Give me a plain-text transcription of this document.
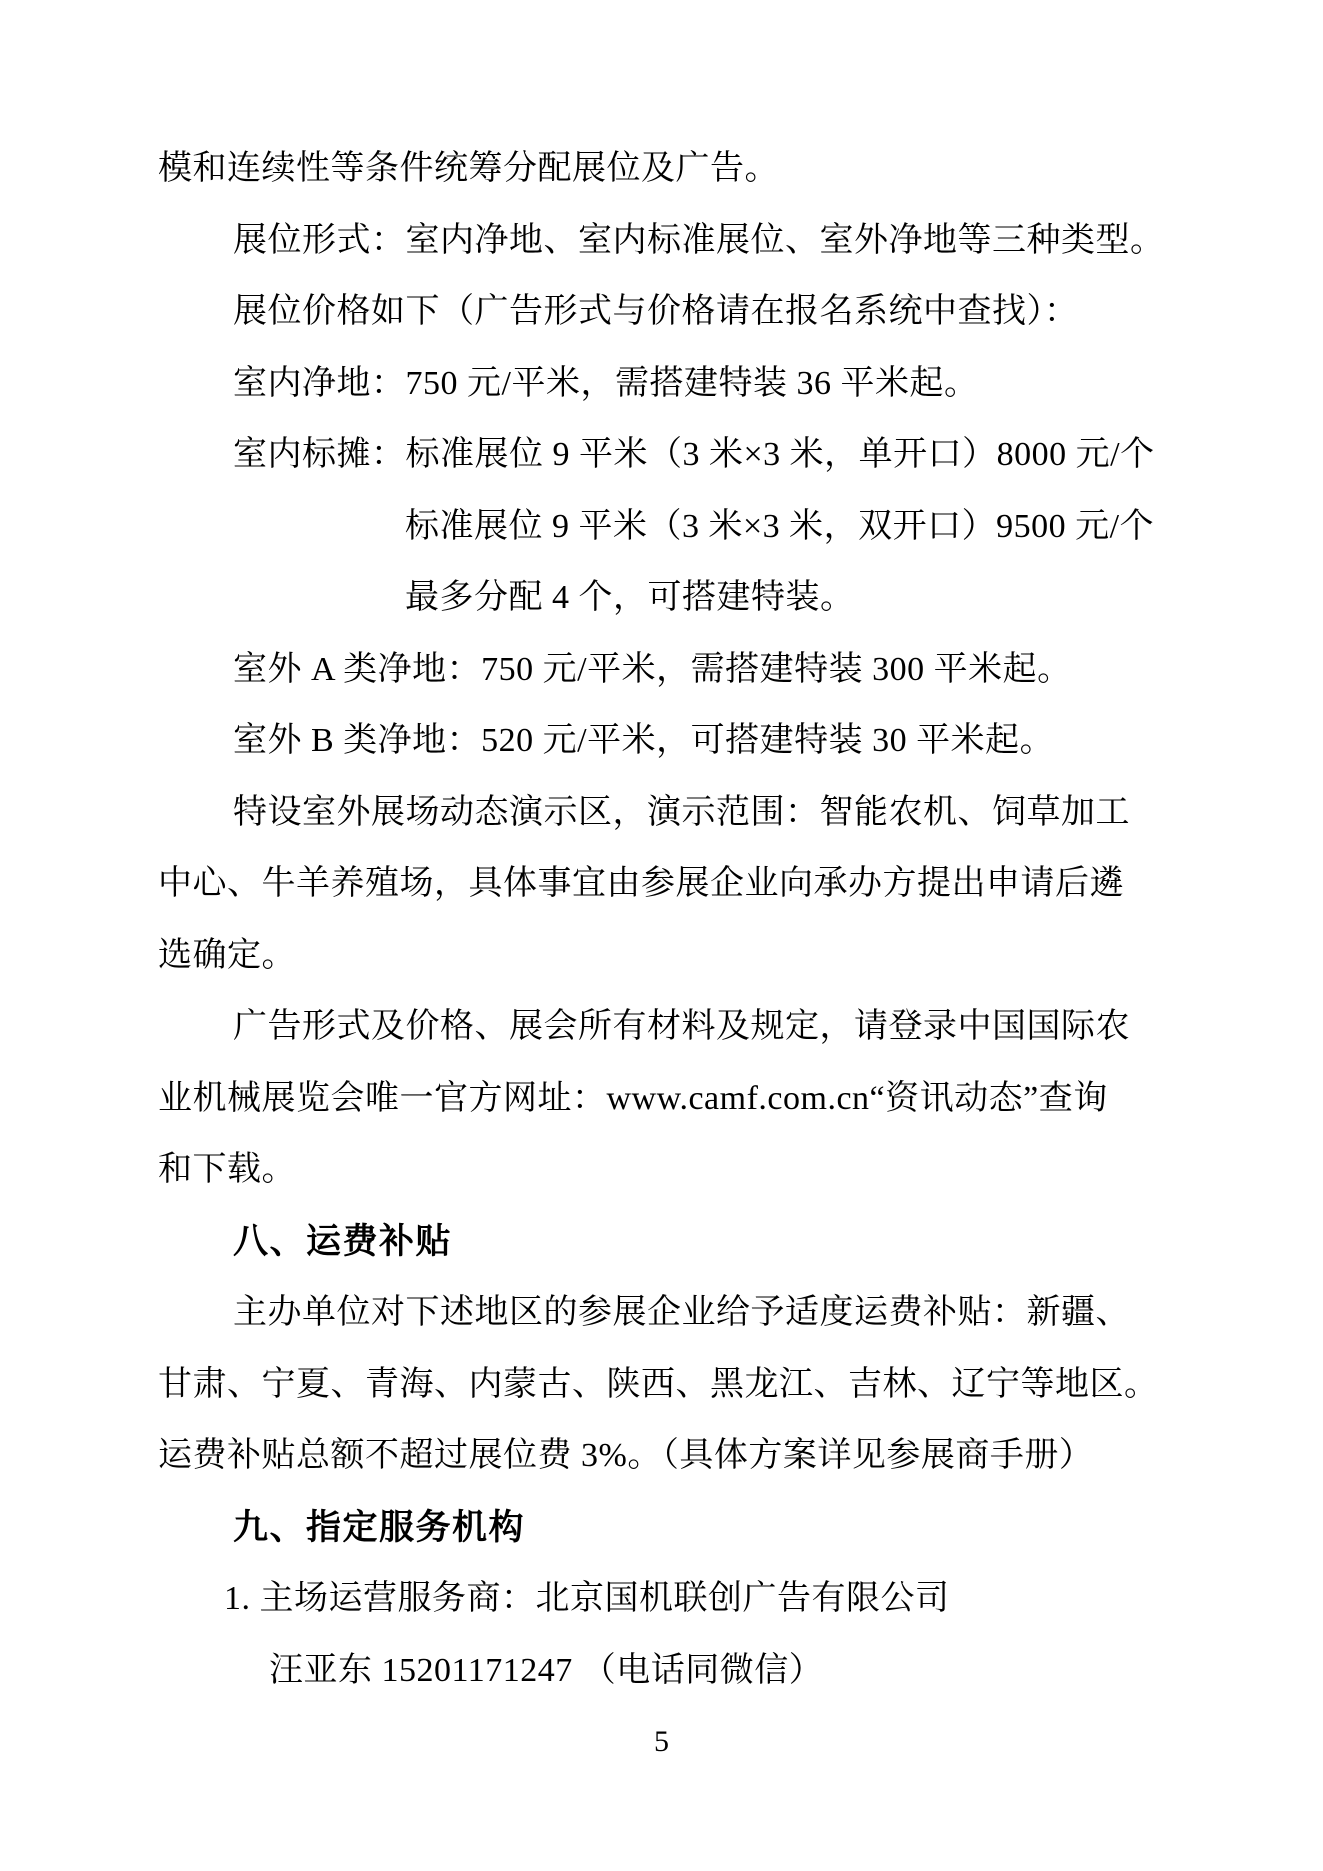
模和连续性等条件统筹分配展位及广告。
展位形式：室内净地、室内标准展位、室外净地等三种类型。
展位价格如下（广告形式与价格请在报名系统中查找）：
室内净地：750 元/平米，需搭建特装 36 平米起。
室内标摊：标准展位 9 平米（3 米×3 米，单开口）8000 元/个
标准展位 9 平米（3 米×3 米，双开口）9500 元/个
最多分配 4 个，可搭建特装。
室外 A 类净地：750 元/平米，需搭建特装 300 平米起。
室外 B 类净地：520 元/平米，可搭建特装 30 平米起。
特设室外展场动态演示区，演示范围：智能农机、饲草加工
中心、牛羊养殖场，具体事宜由参展企业向承办方提出申请后遴
选确定。
广告形式及价格、展会所有材料及规定，请登录中国国际农
业机械展览会唯一官方网址：www.camf.com.cn“资讯动态”查询
和下载。
八、运费补贴
主办单位对下述地区的参展企业给予适度运费补贴：新疆、
甘肃、宁夏、青海、内蒙古、陕西、黑龙江、吉林、辽宁等地区。
运费补贴总额不超过展位费 3%。（具体方案详见参展商手册）
九、指定服务机构
1. 主场运营服务商：北京国机联创广告有限公司
汪亚东 15201171247 （电话同微信）
5
